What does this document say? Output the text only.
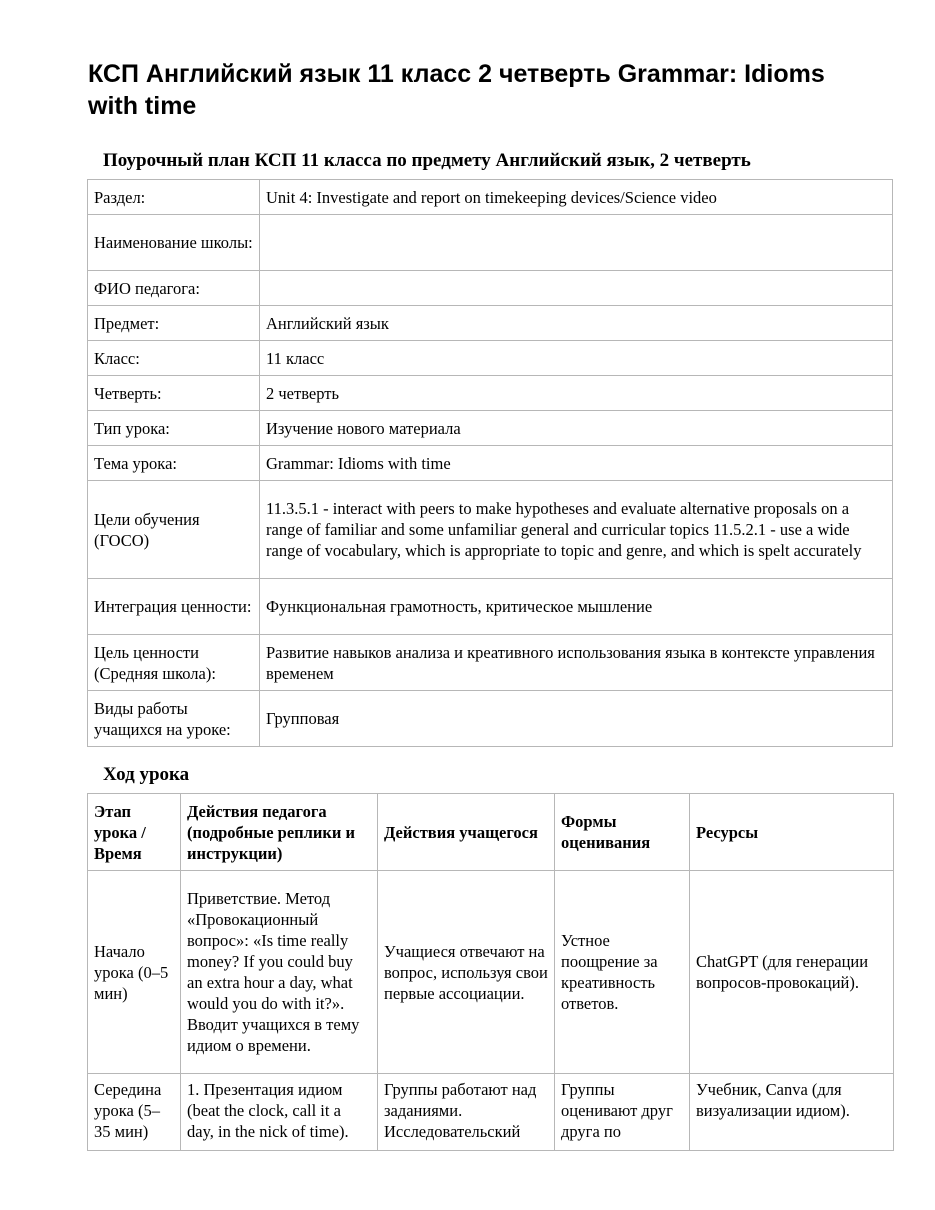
КСП Английский язык 11 класс 2 четверть Grammar: Idioms with time
Поурочный план КСП 11 класса по предмету Английский язык, 2 четверть
Раздел:	Unit 4: Investigate and report on timekeeping devices/Science video
Наименование школы:	
ФИО педагога:	
Предмет:	Английский язык
Класс:	11 класс
Четверть:	2 четверть
Тип урока:	Изучение нового материала
Тема урока:	Grammar: Idioms with time
Цели обучения (ГОСО)	11.3.5.1 - interact with peers to make hypotheses and evaluate alternative proposals on a range of familiar and some unfamiliar general and curricular topics 11.5.2.1 - use a wide range of vocabulary, which is appropriate to topic and genre, and which is spelt accurately
Интеграция ценности:	Функциональная грамотность, критическое мышление
Цель ценности (Средняя школа):	Развитие навыков анализа и креативного использования языка в контексте управления временем
Виды работы учащихся на уроке:	Групповая
Ход урока
Этап урока / Время	Действия педагога (подробные реплики и инструкции)	Действия учащегося	Формы оценивания	Ресурсы
Начало урока (0–5 мин)	Приветствие. Метод «Провокационный вопрос»: «Is time really money? If you could buy an extra hour a day, what would you do with it?». Вводит учащихся в тему идиом о времени.	Учащиеся отвечают на вопрос, используя свои первые ассоциации.	Устное поощрение за креативность ответов.	ChatGPT (для генерации вопросов-провокаций).
Середина урока (5–35 мин)	1. Презентация идиом (beat the clock, call it a day, in the nick of time).	Группы работают над заданиями. Исследовательский	Группы оценивают друг друга по	Учебник, Canva (для визуализации идиом).
